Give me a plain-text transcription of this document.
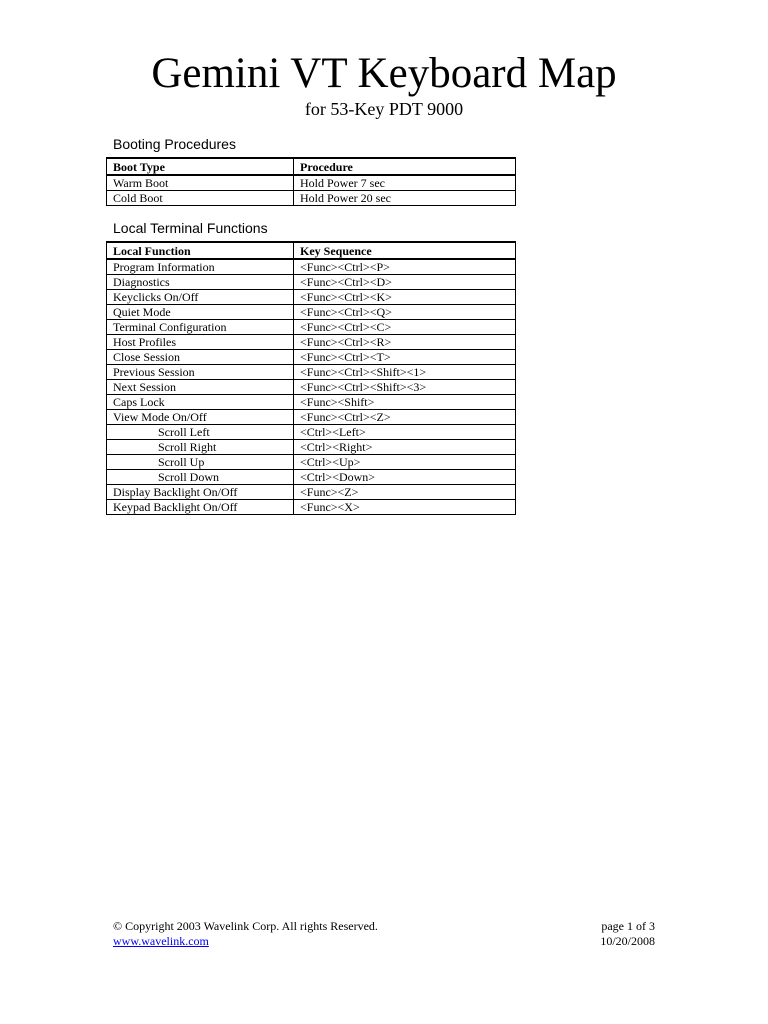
Gemini VT Keyboard Map
for 53-Key PDT 9000
Booting Procedures
Boot Type	Procedure
Warm Boot	Hold Power 7 sec
Cold Boot	Hold Power 20 sec
Local Terminal Functions
Local Function	Key Sequence
Program Information	<Func><Ctrl><P>
Diagnostics	<Func><Ctrl><D>
Keyclicks On/Off	<Func><Ctrl><K>
Quiet Mode	<Func><Ctrl><Q>
Terminal Configuration	<Func><Ctrl><C>
Host Profiles	<Func><Ctrl><R>
Close Session	<Func><Ctrl><T>
Previous Session	<Func><Ctrl><Shift><1>
Next Session	<Func><Ctrl><Shift><3>
Caps Lock	<Func><Shift>
View Mode On/Off	<Func><Ctrl><Z>
Scroll Left	<Ctrl><Left>
Scroll Right	<Ctrl><Right>
Scroll Up	<Ctrl><Up>
Scroll Down	<Ctrl><Down>
Display Backlight On/Off	<Func><Z>
Keypad Backlight On/Off	<Func><X>
© Copyright 2003 Wavelink Corp. All rights Reserved.
www.wavelink.com
page 1 of 3
10/20/2008
